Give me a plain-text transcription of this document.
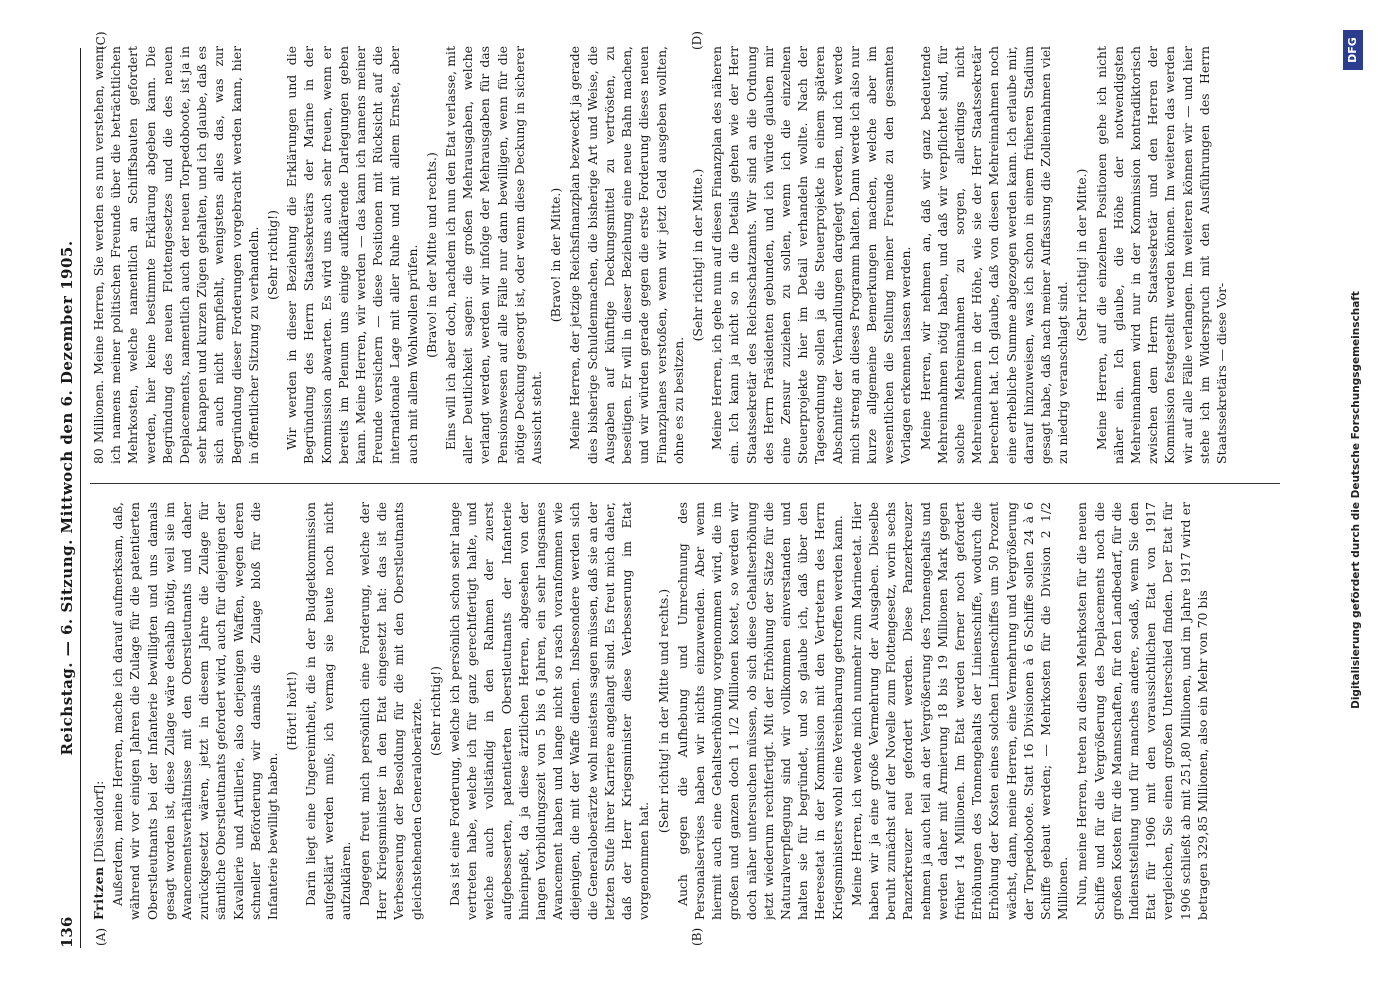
136
Reichstag. — 6. Sitzung. Mittwoch den 6. Dezember 1905.
(A)	(B)
(C)	(D)

Fritzen [Düsseldorf]: Außerdem, meine Herren, mache ich darauf aufmerksam, daß, während wir vor einigen Jahren die Zulage für die patentierten Oberstleutnants bei der Infanterie bewilligten und uns damals gesagt worden ist, diese Zulage wäre deshalb nötig, weil sie im Avancementsverhältnisse mit den Oberstleutnants und daher zurückgesetzt wären, jetzt in diesem Jahre die Zulage für sämtliche Oberstleutnants gefordert wird, auch für diejenigen der Kavallerie und Artillerie, also derjenigen Waffen, wegen deren schneller Beförderung wir damals die Zulage bloß für die Infanterie bewilligt haben.

(Hört! hört!) Darin liegt eine Ungereimtheit, die in der Budgetkommission aufgeklärt werden muß; ich vermag sie heute noch nicht aufzuklären. Dagegen freut mich persönlich eine Forderung, welche der Herr Kriegsminister in den Etat eingesetzt hat: das ist die Verbesserung der Besoldung für die mit den Oberstleutnants gleichstehenden Generaloberärzte. (Sehr richtig!) Das ist eine Forderung, welche ich persönlich schon sehr lange vertreten habe, welche ich für ganz gerechtfertigt halte, und welche auch vollständig in den Rahmen der zuerst aufgebesserten, patentierten Oberstleutnants der Infanterie hineinpaßt, da ja diese ärztlichen Herren, abgesehen von der langen Vorbildungszeit von 5 bis 6 Jahren, ein sehr langsames Avancement haben und lange nicht so rasch voranfommen wie diejenigen, die mit der Waffe dienen. Insbesondere werden sich die Generaloberärzte wohl meistens sagen müssen, daß sie an der letzten Stufe ihrer Karriere angelangt sind. Es freut mich daher, daß der Herr Kriegsminister diese Verbesserung im Etat vorgenommen hat.

(Sehr richtig! in der Mitte und rechts.) Auch gegen die Aufhebung und Umrechnung des Personalservises haben wir nichts einzuwenden. Aber wenn hiermit auch eine Gehaltserhöhung vorgenommen wird, die im großen und ganzen doch 1 1/2 Millionen kostet, so werden wir doch näher untersuchen müssen, ob sich diese Gehaltserhöhung jetzt wiederum rechtfertigt. Mit der Erhöhung der Sätze für die Naturalverpflegung sind wir vollkommen einverstanden und halten sie für begründet, und so glaube ich, daß über den Heeresetat in der Kommission mit den Vertretern des Herrn Kriegsministers wohl eine Vereinbarung getroffen werden kann. Meine Herren, ich wende mich nunmehr zum Marineetat. Hier haben wir ja eine große Vermehrung der Ausgaben. Dieselbe beruht zunächst auf der Novelle zum Flottengesetz, worin sechs Panzerkreuzer neu gefordert werden. Diese Panzerkreuzer nehmen ja auch teil an der Vergrößerung des Tonnengehalts und werden daher mit Armierung 18 bis 19 Millionen Mark gegen früher 14 Millionen. Im Etat werden ferner noch gefordert Erhöhungen des Tonnengehalts der Linienschiffe, wodurch die Erhöhung der Kosten eines solchen Linienschiffes um 50 Prozent wächst, dann, meine Herren, eine Vermehrung und Vergrößerung der Torpedoboote. Statt 16 Divisionen à 6 Schiffe sollen 24 à 6 Schiffe gebaut werden; — Mehrkosten für die Division 2 1/2 Millionen. Nun, meine Herren, treten zu diesen Mehrkosten für die neuen Schiffe und für die Vergrößerung des Deplacements noch die großen Kosten für die Mannschaften, für den Landbedarf, für die Indienststellung und für manches andere, sodaß, wenn Sie den Etat für 1906 mit den voraussichtlichen Etat von 1917 vergleichen, Sie einen großen Unterschied finden. Der Etat für 1906 schließt ab mit 251,80 Millionen, und im Jahre 1917 wird er betragen 329,85 Millionen, also ein Mehr von 70 bis

80 Millionen. Meine Herren, Sie werden es nun verstehen, wenn ich namens meiner politischen Freunde über die beträchtlichen Mehrkosten, welche namentlich an Schiffsbauten gefordert werden, hier keine bestimmte Erklärung abgeben kann. Die Begründung des neuen Flottengesetzes und die des neuen Deplacements, namentlich auch der neuen Torpedoboote, ist ja in sehr knappen und kurzen Zügen gehalten, und ich glaube, daß es sich auch nicht empfiehlt, wenigstens alles das, was zur Begründung dieser Forderungen vorgebracht werden kann, hier in öffentlicher Sitzung zu verhandeln. (Sehr richtig!) Wir werden in dieser Beziehung die Erklärungen und die Begründung des Herrn Staatssekretärs der Marine in der Kommission abwarten. Es wird uns auch sehr freuen, wenn er bereits im Plenum uns einige aufklärende Darlegungen geben kann. Meine Herren, wir werden — das kann ich namens meiner Freunde versichern — diese Positionen mit Rücksicht auf die internationale Lage mit aller Ruhe und mit allem Ernste, aber auch mit allem Wohlwollen prüfen. (Bravo! in der Mitte und rechts.) Eins will ich aber doch, nachdem ich nun den Etat verlasse, mit aller Deutlichkeit sagen: die großen Mehrausgaben, welche verlangt werden, werden wir infolge der Mehrausgaben für das Pensionswesen auf alle Fälle nur dann bewilligen, wenn für die nötige Deckung gesorgt ist, oder wenn diese Deckung in sicherer Aussicht steht.

(Bravo! in der Mitte.) Meine Herren, der jetzige Reichsfinanzplan bezweckt ja gerade dies bisherige Schuldenmachen, die bisherige Art und Weise, die Ausgaben auf künftige Deckungsmittel zu vertrösten, zu beseitigen. Er will in dieser Beziehung eine neue Bahn machen, und wir würden gerade gegen die erste Forderung dieses neuen Finanzplanes verstoßen, wenn wir jetzt Geld ausgeben wollten, ohne es zu besitzen.

(Sehr richtig! in der Mitte.) Meine Herren, ich gehe nun auf diesen Finanzplan des näheren ein. Ich kann ja nicht so in die Details gehen wie der Herr Staatssekretär des Reichsschatzamts. Wir sind an die Ordnung des Herrn Präsidenten gebunden, und ich würde glauben mir eine Zensur zuziehen zu sollen, wenn ich die einzelnen Steuerprojekte hier im Detail verhandeln wollte. Nach der Tagesordnung sollen ja die Steuerprojekte in einem späteren Abschnitte der Verhandlungen dargelegt werden, und ich werde mich streng an dieses Programm halten. Dann werde ich also nur kurze allgemeine Bemerkungen machen, welche aber im wesentlichen die Stellung meiner Freunde zu den gesamten Vorlagen erkennen lassen werden. Meine Herren, wir nehmen an, daß wir ganz bedeutende Mehreinnahmen nötig haben, und daß wir verpflichtet sind, für solche Mehreinnahmen zu sorgen, allerdings nicht Mehreinnahmen in der Höhe, wie sie der Herr Staatssekretär berechnet hat. Ich glaube, daß von diesen Mehreinnahmen noch eine erhebliche Summe abgezogen werden kann. Ich erlaube mir, darauf hinzuweisen, was ich schon in einem früheren Stadium gesagt habe, daß nach meiner Auffassung die Zolleinnahmen viel zu niedrig veranschlagt sind.

(Sehr richtig! in der Mitte.) Meine Herren, auf die einzelnen Positionen gehe ich nicht näher ein. Ich glaube, die Höhe der notwendigsten Mehreinnahmen wird nur in der Kommission kontradiktorisch zwischen dem Herrn Staatssekretär und den Herren der Kommission festgestellt werden können. Im weiteren das werden wir auf alle Fälle verlangen. Im weiteren können wir — und hier stehe ich im Widerspruch mit den Ausführungen des Herrn Staatssekretärs — diese Vor-	Digitalisierung gefördert durch die Deutsche Forschungsgemeinschaft
DFG
